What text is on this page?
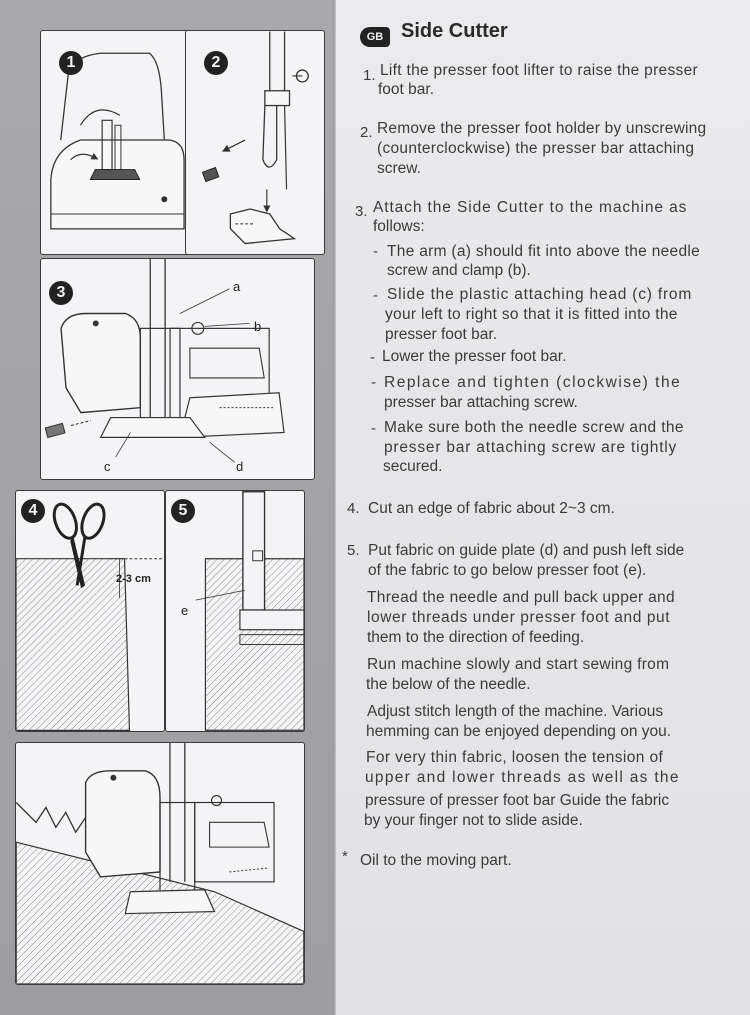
1	2
3	a
b
c	d
4
2-3 cm
5
e
GB Side Cutter
1. Lift the presser foot lifter to raise the presser
foot bar.
2. Remove the presser foot holder by unscrewing
(counterclockwise) the presser bar attaching
screw.
3. Attach the Side Cutter to the machine as
follows:
- The arm (a) should fit into above the needle
screw and clamp (b).
- Slide the plastic attaching head (c) from
your left to right so that it is fitted into the
presser foot bar.
- Lower the presser foot bar.
- Replace and tighten (clockwise) the
presser bar attaching screw.
- Make sure both the needle screw and the
presser bar attaching screw are tightly
secured.
4. Cut an edge of fabric about 2~3 cm.
5. Put fabric on guide plate (d) and push left side
of the fabric to go below presser foot (e).
Thread the needle and pull back upper and
lower threads under presser foot and put
them to the direction of feeding.
Run machine slowly and start sewing from
the below of the needle.
Adjust stitch length of the machine. Various
hemming can be enjoyed depending on you.
For very thin fabric, loosen the tension of
upper and lower threads as well as the
pressure of presser foot bar Guide the fabric
by your finger not to slide aside.
* Oil to the moving part.
